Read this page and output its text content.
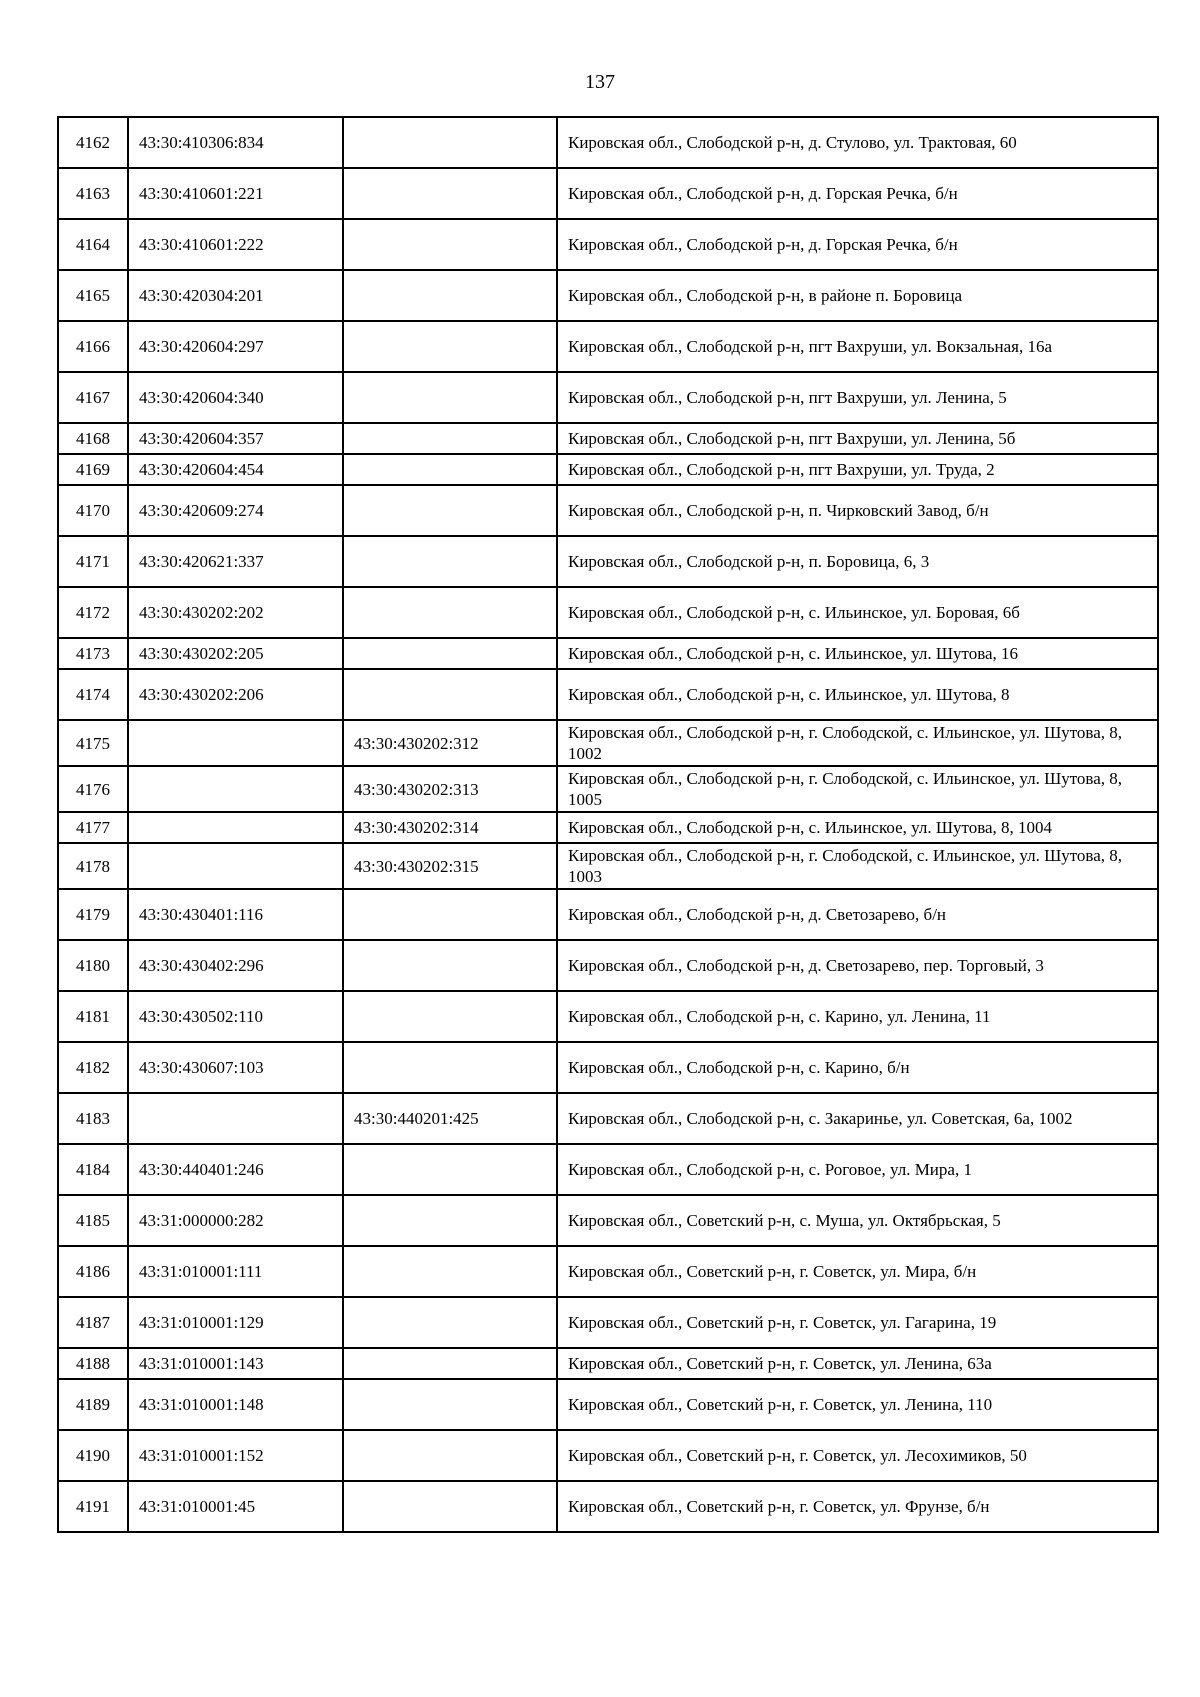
137
4162	43:30:410306:834		Кировская обл., Слободской р-н, д. Стулово, ул. Трактовая, 60
4163	43:30:410601:221		Кировская обл., Слободской р-н, д. Горская Речка, б/н
4164	43:30:410601:222		Кировская обл., Слободской р-н, д. Горская Речка, б/н
4165	43:30:420304:201		Кировская обл., Слободской р-н, в районе п. Боровица
4166	43:30:420604:297		Кировская обл., Слободской р-н, пгт Вахруши, ул. Вокзальная, 16а
4167	43:30:420604:340		Кировская обл., Слободской р-н, пгт Вахруши, ул. Ленина, 5
4168	43:30:420604:357		Кировская обл., Слободской р-н, пгт Вахруши, ул. Ленина, 5б
4169	43:30:420604:454		Кировская обл., Слободской р-н, пгт Вахруши, ул. Труда, 2
4170	43:30:420609:274		Кировская обл., Слободской р-н, п. Чирковский Завод, б/н
4171	43:30:420621:337		Кировская обл., Слободской р-н, п. Боровица, 6, 3
4172	43:30:430202:202		Кировская обл., Слободской р-н, с. Ильинское, ул. Боровая, 6б
4173	43:30:430202:205		Кировская обл., Слободской р-н, с. Ильинское, ул. Шутова, 16
4174	43:30:430202:206		Кировская обл., Слободской р-н, с. Ильинское, ул. Шутова, 8
4175		43:30:430202:312	Кировская обл., Слободской р-н, г. Слободской, с. Ильинское, ул. Шутова, 8, 1002
4176		43:30:430202:313	Кировская обл., Слободской р-н, г. Слободской, с. Ильинское, ул. Шутова, 8, 1005
4177		43:30:430202:314	Кировская обл., Слободской р-н, с. Ильинское, ул. Шутова, 8, 1004
4178		43:30:430202:315	Кировская обл., Слободской р-н, г. Слободской, с. Ильинское, ул. Шутова, 8, 1003
4179	43:30:430401:116		Кировская обл., Слободской р-н, д. Светозарево, б/н
4180	43:30:430402:296		Кировская обл., Слободской р-н, д. Светозарево, пер. Торговый, 3
4181	43:30:430502:110		Кировская обл., Слободской р-н, с. Карино, ул. Ленина, 11
4182	43:30:430607:103		Кировская обл., Слободской р-н, с. Карино, б/н
4183		43:30:440201:425	Кировская обл., Слободской р-н, с. Закаринье, ул. Советская, 6а, 1002
4184	43:30:440401:246		Кировская обл., Слободской р-н, с. Роговое, ул. Мира, 1
4185	43:31:000000:282		Кировская обл., Советский р-н, с. Муша, ул. Октябрьская, 5
4186	43:31:010001:111		Кировская обл., Советский р-н, г. Советск, ул. Мира, б/н
4187	43:31:010001:129		Кировская обл., Советский р-н, г. Советск, ул. Гагарина, 19
4188	43:31:010001:143		Кировская обл., Советский р-н, г. Советск, ул. Ленина, 63а
4189	43:31:010001:148		Кировская обл., Советский р-н, г. Советск, ул. Ленина, 110
4190	43:31:010001:152		Кировская обл., Советский р-н, г. Советск, ул. Лесохимиков, 50
4191	43:31:010001:45		Кировская обл., Советский р-н, г. Советск, ул. Фрунзе, б/н
